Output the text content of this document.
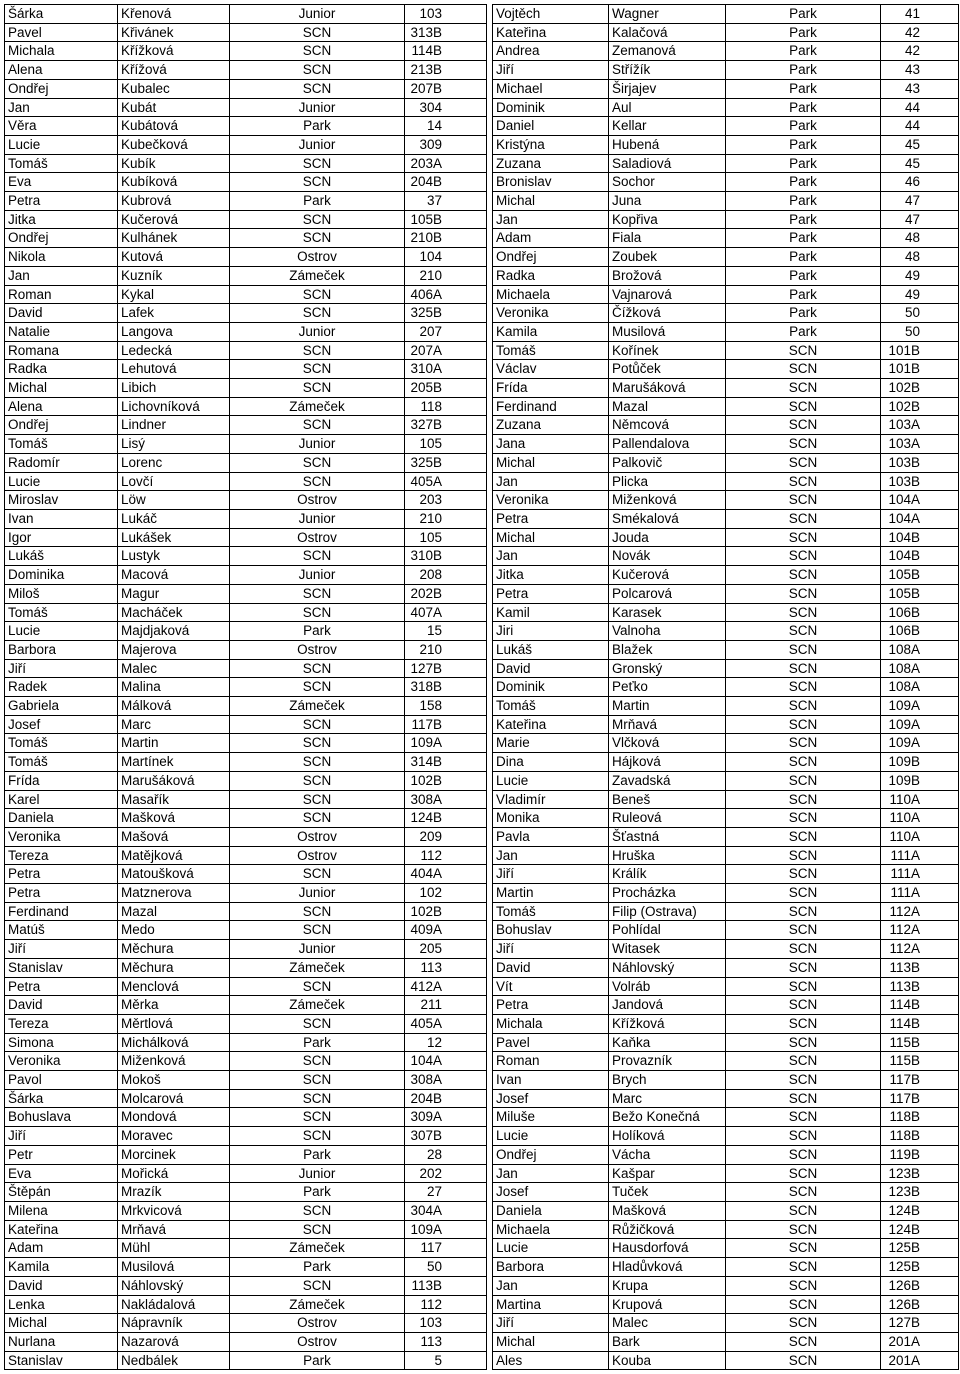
Šárka	Křenová	Junior	103
Pavel	Křivánek	SCN	313B
Michala	Křížková	SCN	114B
Alena	Křížová	SCN	213B
Ondřej	Kubalec	SCN	207B
Jan	Kubát	Junior	304
Věra	Kubátová	Park	14
Lucie	Kubečková	Junior	309
Tomáš	Kubík	SCN	203A
Eva	Kubíková	SCN	204B
Petra	Kubrová	Park	37
Jitka	Kučerová	SCN	105B
Ondřej	Kulhánek	SCN	210B
Nikola	Kutová	Ostrov	104
Jan	Kuzník	Zámeček	210
Roman	Kykal	SCN	406A
David	Lafek	SCN	325B
Natalie	Langova	Junior	207
Romana	Ledecká	SCN	207A
Radka	Lehutová	SCN	310A
Michal	Libich	SCN	205B
Alena	Lichovníková	Zámeček	118
Ondřej	Lindner	SCN	327B
Tomáš	Lisý	Junior	105
Radomír	Lorenc	SCN	325B
Lucie	Lovčí	SCN	405A
Miroslav	Löw	Ostrov	203
Ivan	Lukáč	Junior	210
Igor	Lukášek	Ostrov	105
Lukáš	Lustyk	SCN	310B
Dominika	Macová	Junior	208
Miloš	Magur	SCN	202B
Tomáš	Macháček	SCN	407A
Lucie	Majdjaková	Park	15
Barbora	Majerova	Ostrov	210
Jiří	Malec	SCN	127B
Radek	Malina	SCN	318B
Gabriela	Málková	Zámeček	158
Josef	Marc	SCN	117B
Tomáš	Martin	SCN	109A
Tomáš	Martínek	SCN	314B
Frída	Marušáková	SCN	102B
Karel	Masařík	SCN	308A
Daniela	Mašková	SCN	124B
Veronika	Mašová	Ostrov	209
Tereza	Matějková	Ostrov	112
Petra	Matoušková	SCN	404A
Petra	Matznerova	Junior	102
Ferdinand	Mazal	SCN	102B
Matúš	Medo	SCN	409A
Jiří	Měchura	Junior	205
Stanislav	Měchura	Zámeček	113
Petra	Menclová	SCN	412A
David	Měrka	Zámeček	211
Tereza	Měrtlová	SCN	405A
Simona	Michálková	Park	12
Veronika	Miženková	SCN	104A
Pavol	Mokoš	SCN	308A
Šárka	Molcarová	SCN	204B
Bohuslava	Mondová	SCN	309A
Jiří	Moravec	SCN	307B
Petr	Morcinek	Park	28
Eva	Mořická	Junior	202
Štěpán	Mrazík	Park	27
Milena	Mrkvicová	SCN	304A
Kateřina	Mrňavá	SCN	109A
Adam	Mühl	Zámeček	117
Kamila	Musilová	Park	50
David	Náhlovský	SCN	113B
Lenka	Nakládalová	Zámeček	112
Michal	Nápravník	Ostrov	103
Nurlana	Nazarová	Ostrov	113
Stanislav	Nedbálek	Park	5
Vojtěch	Wagner	Park	41
Kateřina	Kalačová	Park	42
Andrea	Zemanová	Park	42
Jiří	Střížík	Park	43
Michael	Širjajev	Park	43
Dominik	Aul	Park	44
Daniel	Kellar	Park	44
Kristýna	Hubená	Park	45
Zuzana	Saladiová	Park	45
Bronislav	Sochor	Park	46
Michal	Juna	Park	47
Jan	Kopřiva	Park	47
Adam	Fiala	Park	48
Ondřej	Zoubek	Park	48
Radka	Brožová	Park	49
Michaela	Vajnarová	Park	49
Veronika	Čížková	Park	50
Kamila	Musilová	Park	50
Tomáš	Kořínek	SCN	101B
Václav	Potůček	SCN	101B
Frída	Marušáková	SCN	102B
Ferdinand	Mazal	SCN	102B
Zuzana	Němcová	SCN	103A
Jana	Pallendalova	SCN	103A
Michal	Palkovič	SCN	103B
Jan	Plicka	SCN	103B
Veronika	Miženková	SCN	104A
Petra	Smékalová	SCN	104A
Michal	Jouda	SCN	104B
Jan	Novák	SCN	104B
Jitka	Kučerová	SCN	105B
Petra	Polcarová	SCN	105B
Kamil	Karasek	SCN	106B
Jiri	Valnoha	SCN	106B
Lukáš	Blažek	SCN	108A
David	Gronský	SCN	108A
Dominik	Peťko	SCN	108A
Tomáš	Martin	SCN	109A
Kateřina	Mrňavá	SCN	109A
Marie	Vlčková	SCN	109A
Dina	Hájková	SCN	109B
Lucie	Zavadská	SCN	109B
Vladimír	Beneš	SCN	110A
Monika	Ruleová	SCN	110A
Pavla	Šťastná	SCN	110A
Jan	Hruška	SCN	111A
Jiří	Králík	SCN	111A
Martin	Procházka	SCN	111A
Tomáš	Filip (Ostrava)	SCN	112A
Bohuslav	Pohlídal	SCN	112A
Jiří	Witasek	SCN	112A
David	Náhlovský	SCN	113B
Vít	Volráb	SCN	113B
Petra	Jandová	SCN	114B
Michala	Křížková	SCN	114B
Pavel	Kaňka	SCN	115B
Roman	Provazník	SCN	115B
Ivan	Brych	SCN	117B
Josef	Marc	SCN	117B
Miluše	Bežo Konečná	SCN	118B
Lucie	Holíková	SCN	118B
Ondřej	Vácha	SCN	119B
Jan	Kašpar	SCN	123B
Josef	Tuček	SCN	123B
Daniela	Mašková	SCN	124B
Michaela	Růžičková	SCN	124B
Lucie	Hausdorfová	SCN	125B
Barbora	Hladůvková	SCN	125B
Jan	Krupa	SCN	126B
Martina	Krupová	SCN	126B
Jiří	Malec	SCN	127B
Michal	Bark	SCN	201A
Ales	Kouba	SCN	201A
